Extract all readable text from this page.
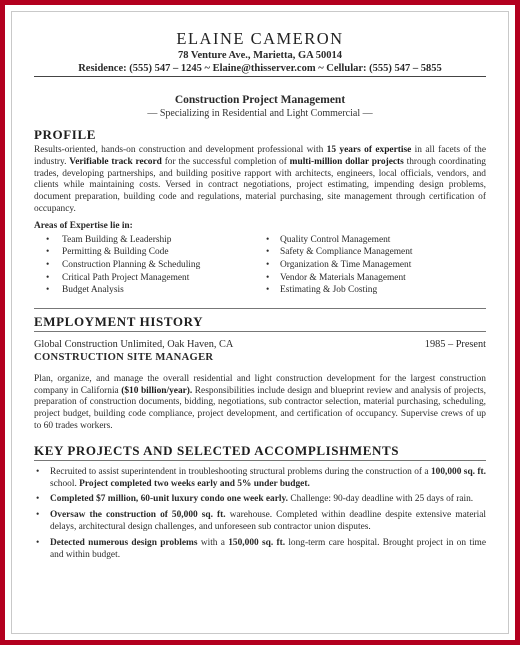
ELAINE CAMERON
78 Venture Ave., Marietta, GA 50014
Residence: (555) 547 – 1245 ~ Elaine@thisserver.com ~ Cellular: (555) 547 – 5855
Construction Project Management
— Specializing in Residential and Light Commercial —
PROFILE
Results-oriented, hands-on construction and development professional with 15 years of expertise in all facets of the industry. Verifiable track record for the successful completion of multi-million dollar projects through coordinating trades, developing partnerships, and building positive rapport with architects, engineers, local officials, vendors, and clients while maintaining costs. Versed in contract negotiations, project estimating, impending design problems, document preparation, building code and regulations, material purchasing, site management through certification of occupancy.
Areas of Expertise lie in:
• Team Building & Leadership
• Permitting & Building Code
• Construction Planning & Scheduling
• Critical Path Project Management
• Budget Analysis
• Quality Control Management
• Safety & Compliance Management
• Organization & Time Management
• Vendor & Materials Management
• Estimating & Job Costing
EMPLOYMENT HISTORY
Global Construction Unlimited, Oak Haven, CA	1985 – Present
CONSTRUCTION SITE MANAGER
Plan, organize, and manage the overall residential and light construction development for the largest construction company in California ($10 billion/year). Responsibilities include design and blueprint review and analysis of projects, preparation of construction documents, bidding, negotiations, sub contractor selection, material purchasing, scheduling, project budget, building code compliance, project development, and certification of occupancy. Supervise crews of up to 60 trades workers.
KEY PROJECTS AND SELECTED ACCOMPLISHMENTS
• Recruited to assist superintendent in troubleshooting structural problems during the construction of a 100,000 sq. ft. school. Project completed two weeks early and 5% under budget.
• Completed $7 million, 60-unit luxury condo one week early. Challenge: 90-day deadline with 25 days of rain.
• Oversaw the construction of 50,000 sq. ft. warehouse. Completed within deadline despite extensive material delays, architectural design challenges, and unforeseen sub contractor union disputes.
• Detected numerous design problems with a 150,000 sq. ft. long-term care hospital. Brought project in on time and within budget.
